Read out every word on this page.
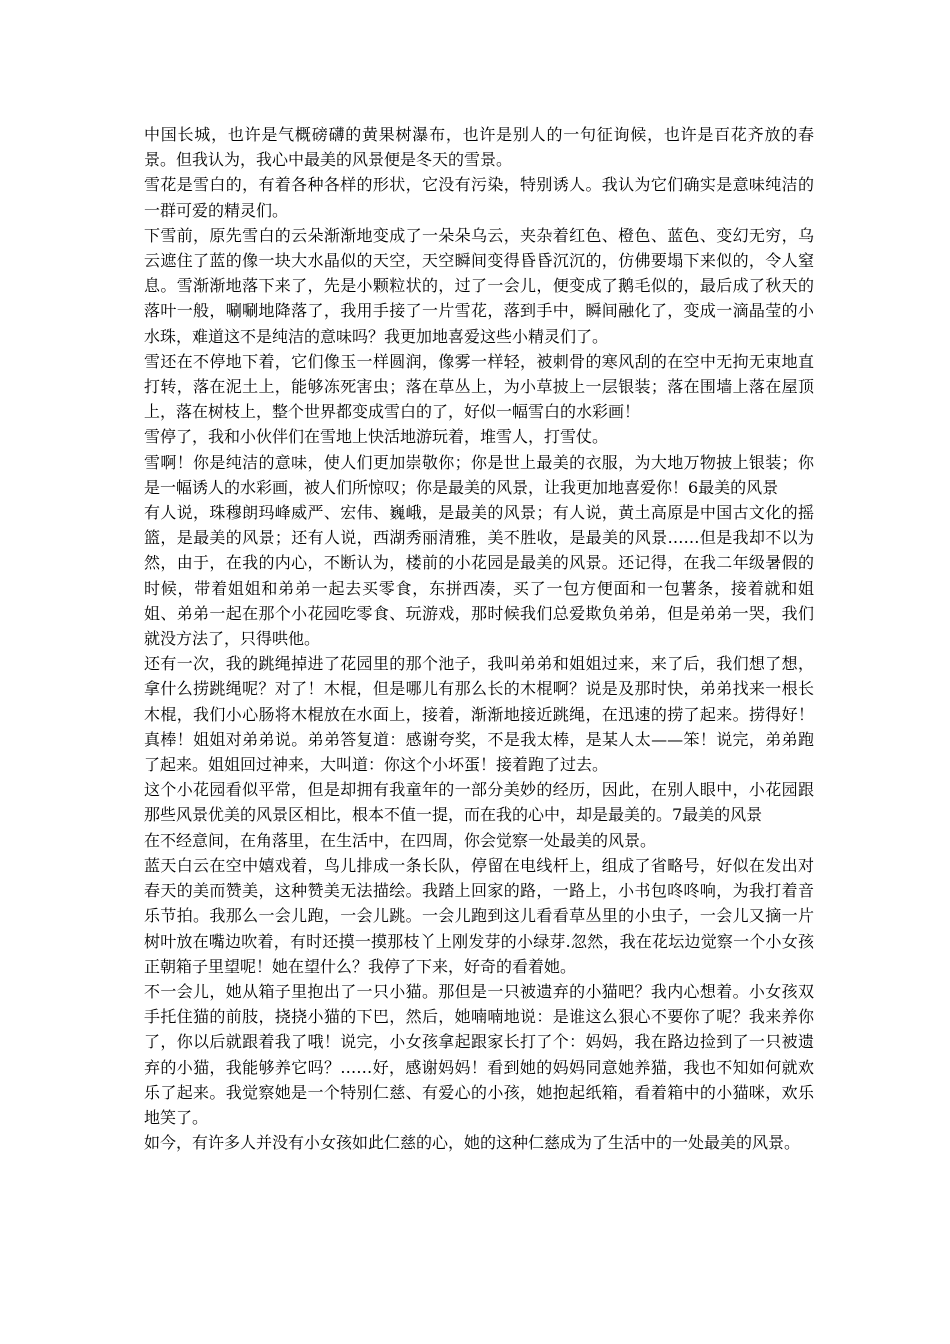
中国长城，也许是气概磅礴的黄果树瀑布，也许是别人的一句征询候，也许是百花齐放的春景。但我认为，我心中最美的风景便是冬天的雪景。

雪花是雪白的，有着各种各样的形状，它没有污染，特别诱人。我认为它们确实是意味纯洁的一群可爱的精灵们。

下雪前，原先雪白的云朵渐渐地变成了一朵朵乌云，夹杂着红色、橙色、蓝色、变幻无穷，乌云遮住了蓝的像一块大水晶似的天空，天空瞬间变得昏昏沉沉的，仿佛要塌下来似的，令人窒息。雪渐渐地落下来了，先是小颗粒状的，过了一会儿，便变成了鹅毛似的，最后成了秋天的落叶一般，唰唰地降落了，我用手接了一片雪花，落到手中，瞬间融化了，变成一滴晶莹的小水珠，难道这不是纯洁的意味吗？我更加地喜爱这些小精灵们了。

雪还在不停地下着，它们像玉一样圆润，像雾一样轻，被刺骨的寒风刮的在空中无拘无束地直打转，落在泥土上，能够冻死害虫；落在草丛上，为小草披上一层银装；落在围墙上落在屋顶上，落在树枝上，整个世界都变成雪白的了，好似一幅雪白的水彩画！

雪停了，我和小伙伴们在雪地上快活地游玩着，堆雪人，打雪仗。

雪啊！你是纯洁的意味，使人们更加崇敬你；你是世上最美的衣服，为大地万物披上银装；你是一幅诱人的水彩画，被人们所惊叹；你是最美的风景，让我更加地喜爱你！6最美的风景

有人说，珠穆朗玛峰威严、宏伟、巍峨，是最美的风景；有人说，黄土高原是中国古文化的摇篮，是最美的风景；还有人说，西湖秀丽清雅，美不胜收，是最美的风景……但是我却不以为然，由于，在我的内心，不断认为，楼前的小花园是最美的风景。还记得，在我二年级暑假的时候，带着姐姐和弟弟一起去买零食，东拼西凑，买了一包方便面和一包薯条，接着就和姐姐、弟弟一起在那个小花园吃零食、玩游戏，那时候我们总爱欺负弟弟，但是弟弟一哭，我们就没方法了，只得哄他。

还有一次，我的跳绳掉进了花园里的那个池子，我叫弟弟和姐姐过来，来了后，我们想了想，拿什么捞跳绳呢？对了！木棍，但是哪儿有那么长的木棍啊？说是及那时快，弟弟找来一根长木棍，我们小心肠将木棍放在水面上，接着，渐渐地接近跳绳，在迅速的捞了起来。捞得好！真棒！姐姐对弟弟说。弟弟答复道：感谢夸奖，不是我太棒，是某人太——笨！说完，弟弟跑了起来。姐姐回过神来，大叫道：你这个小坏蛋！接着跑了过去。

这个小花园看似平常，但是却拥有我童年的一部分美妙的经历，因此，在别人眼中，小花园跟那些风景优美的风景区相比，根本不值一提，而在我的心中，却是最美的。7最美的风景

在不经意间，在角落里，在生活中，在四周，你会觉察一处最美的风景。

蓝天白云在空中嬉戏着，鸟儿排成一条长队，停留在电线杆上，组成了省略号，好似在发出对春天的美而赞美，这种赞美无法描绘。我踏上回家的路，一路上，小书包咚咚响，为我打着音乐节拍。我那么一会儿跑，一会儿跳。一会儿跑到这儿看看草丛里的小虫子，一会儿又摘一片树叶放在嘴边吹着，有时还摸一摸那枝丫上刚发芽的小绿芽.忽然，我在花坛边觉察一个小女孩正朝箱子里望呢！她在望什么？我停了下来，好奇的看着她。

不一会儿，她从箱子里抱出了一只小猫。那但是一只被遗弃的小猫吧？我内心想着。小女孩双手托住猫的前肢，挠挠小猫的下巴，然后，她喃喃地说：是谁这么狠心不要你了呢？我来养你了，你以后就跟着我了哦！说完，小女孩拿起跟家长打了个：妈妈，我在路边捡到了一只被遗弃的小猫，我能够养它吗？……好，感谢妈妈！看到她的妈妈同意她养猫，我也不知如何就欢乐了起来。我觉察她是一个特别仁慈、有爱心的小孩，她抱起纸箱，看着箱中的小猫咪，欢乐地笑了。

如今，有许多人并没有小女孩如此仁慈的心，她的这种仁慈成为了生活中的一处最美的风景。
